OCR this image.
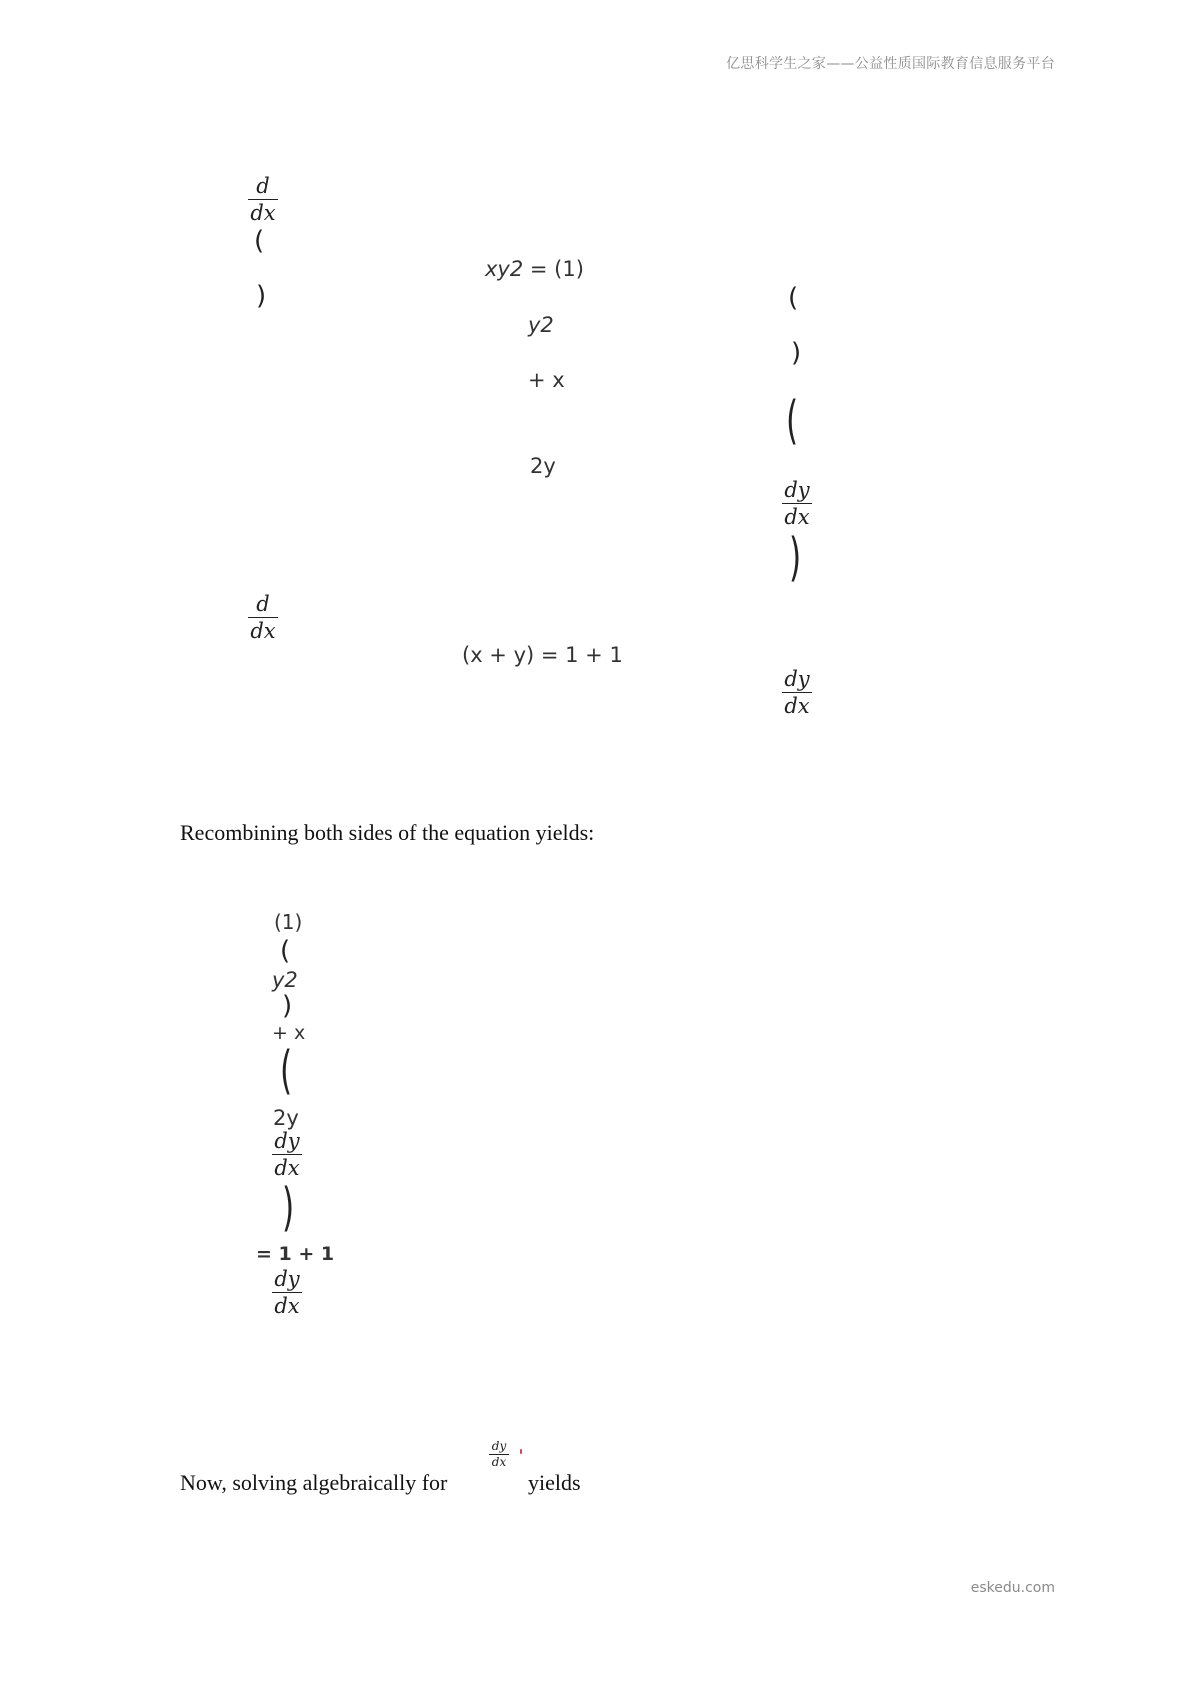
亿思科学生之家——公益性质国际教育信息服务平台
d
dx
(
)
xy2 = (1)
y2
+ x
2y
(
)
(
dy
dx
)
d
dx
(x + y) = 1 + 1
dy
dx
Recombining both sides of the equation yields:
(1)
(
y2
)
+ x
(
2y
dy
dx
)
= 1 + 1
dy
dx
Now, solving algebraically for
dy
dx
yields
eskedu.com
